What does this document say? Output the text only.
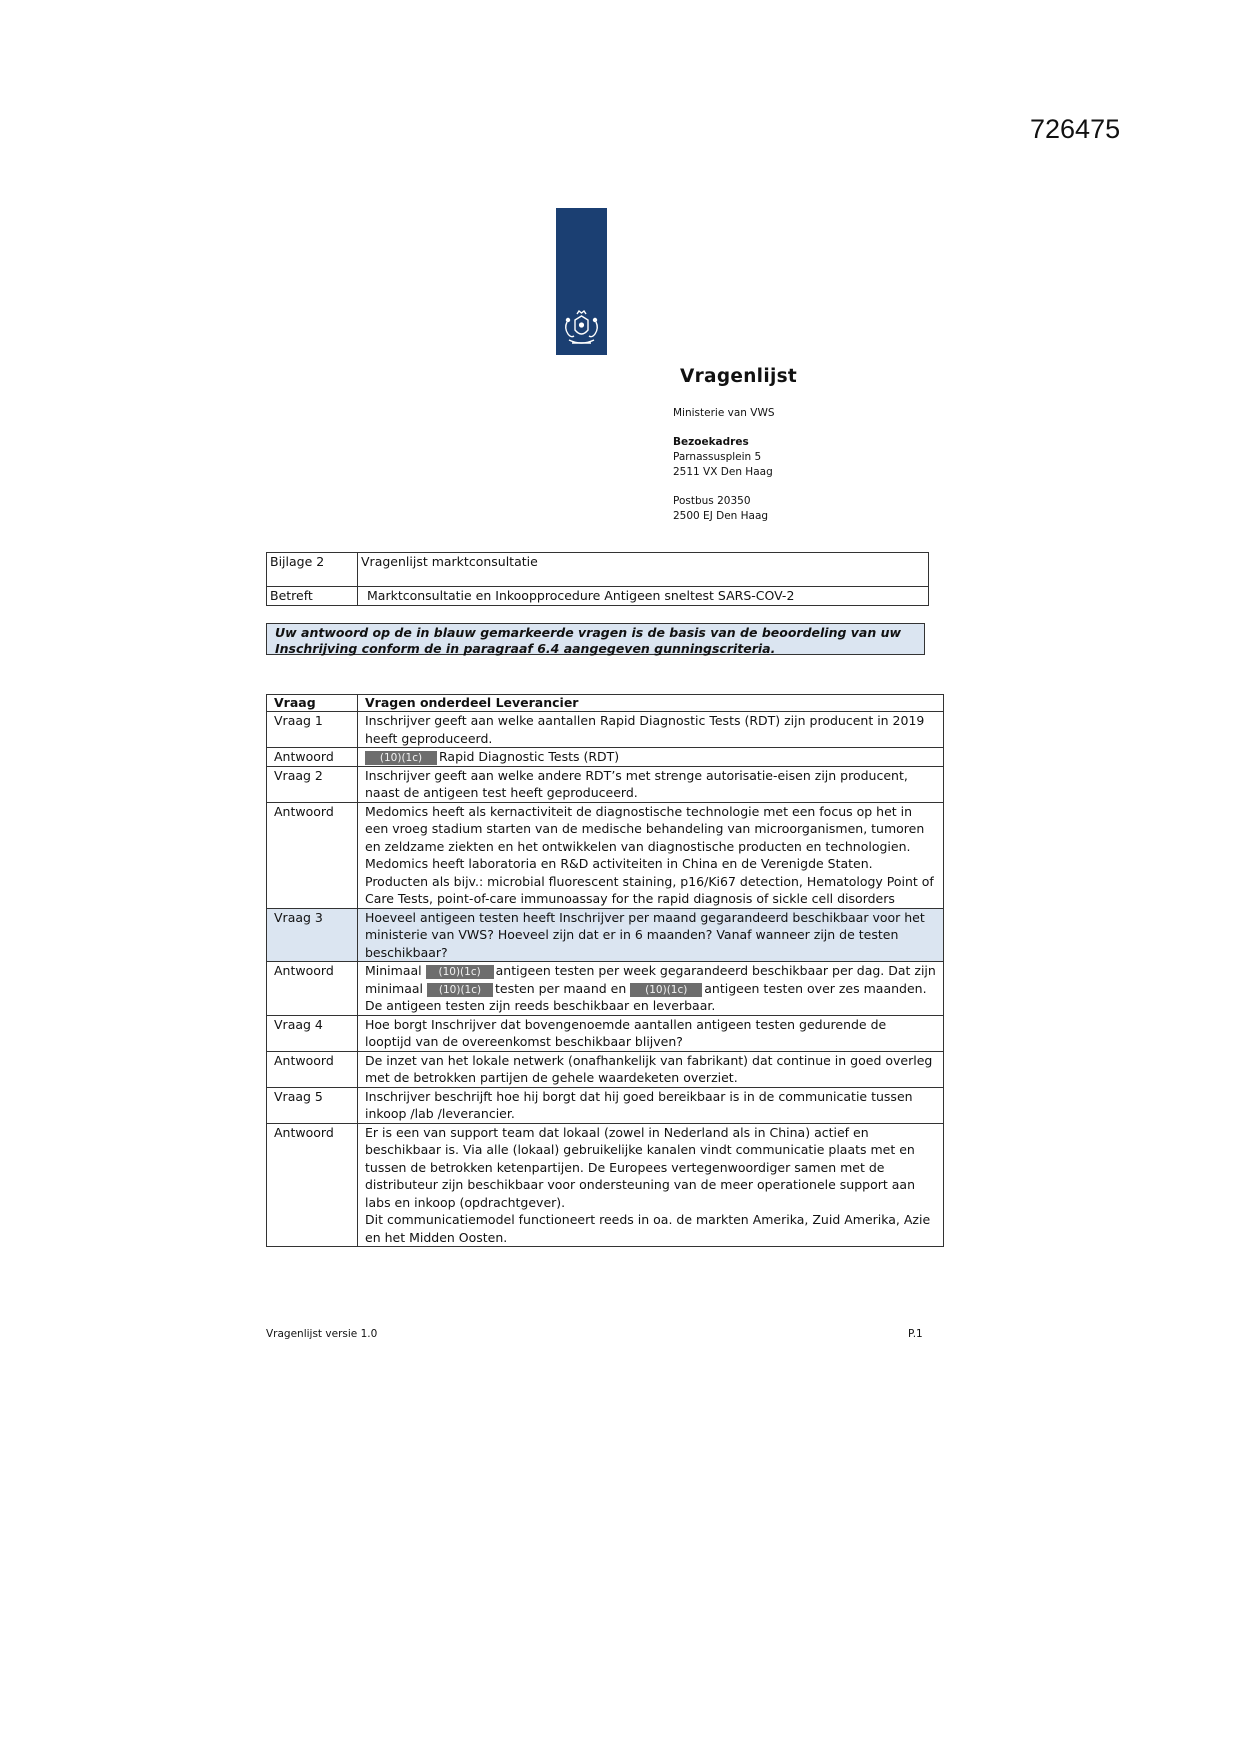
726475
Vragenlijst
Ministerie van VWS
Bezoekadres
Parnassusplein 5
2511 VX Den Haag
Postbus 20350
2500 EJ Den Haag
Bijlage 2	Vragenlijst marktconsultatie
Betreft	Marktconsultatie en Inkoopprocedure Antigeen sneltest SARS-COV-2
Uw antwoord op de in blauw gemarkeerde vragen is de basis van de beoordeling van uw Inschrijving conform de in paragraaf 6.4 aangegeven gunningscriteria.
Vraag	Vragen onderdeel Leverancier
Vraag 1	Inschrijver geeft aan welke aantallen Rapid Diagnostic Tests (RDT) zijn producent in 2019 heeft geproduceerd.
Antwoord	(10)(1c) Rapid Diagnostic Tests (RDT)
Vraag 2	Inschrijver geeft aan welke andere RDT’s met strenge autorisatie-eisen zijn producent, naast de antigeen test heeft geproduceerd.
Antwoord	Medomics heeft als kernactiviteit de diagnostische technologie met een focus op het in een vroeg stadium starten van de medische behandeling van microorganismen, tumoren en zeldzame ziekten en het ontwikkelen van diagnostische producten en technologien. Medomics heeft laboratoria en R&D activiteiten in China en de Verenigde Staten. Producten als bijv.: microbial fluorescent staining, p16/Ki67 detection, Hematology Point of Care Tests, point-of-care immunoassay for the rapid diagnosis of sickle cell disorders
Vraag 3	Hoeveel antigeen testen heeft Inschrijver per maand gegarandeerd beschikbaar voor het ministerie van VWS? Hoeveel zijn dat er in 6 maanden? Vanaf wanneer zijn de testen beschikbaar?
Antwoord	Minimaal (10)(1c) antigeen testen per week gegarandeerd beschikbaar per dag. Dat zijn minimaal (10)(1c) testen per maand en (10)(1c) antigeen testen over zes maanden.
De antigeen testen zijn reeds beschikbaar en leverbaar.
Vraag 4	Hoe borgt Inschrijver dat bovengenoemde aantallen antigeen testen gedurende de looptijd van de overeenkomst beschikbaar blijven?
Antwoord	De inzet van het lokale netwerk (onafhankelijk van fabrikant) dat continue in goed overleg met de betrokken partijen de gehele waardeketen overziet.
Vraag 5	Inschrijver beschrijft hoe hij borgt dat hij goed bereikbaar is in de communicatie tussen inkoop /lab /leverancier.
Antwoord	Er is een van support team dat lokaal (zowel in Nederland als in China) actief en beschikbaar is. Via alle (lokaal) gebruikelijke kanalen vindt communicatie plaats met en tussen de betrokken ketenpartijen. De Europees vertegenwoordiger samen met de distributeur zijn beschikbaar voor ondersteuning van de meer operationele support aan labs en inkoop (opdrachtgever).
Dit communicatiemodel functioneert reeds in oa. de markten Amerika, Zuid Amerika, Azie en het Midden Oosten.
Vragenlijst versie 1.0	P.1
